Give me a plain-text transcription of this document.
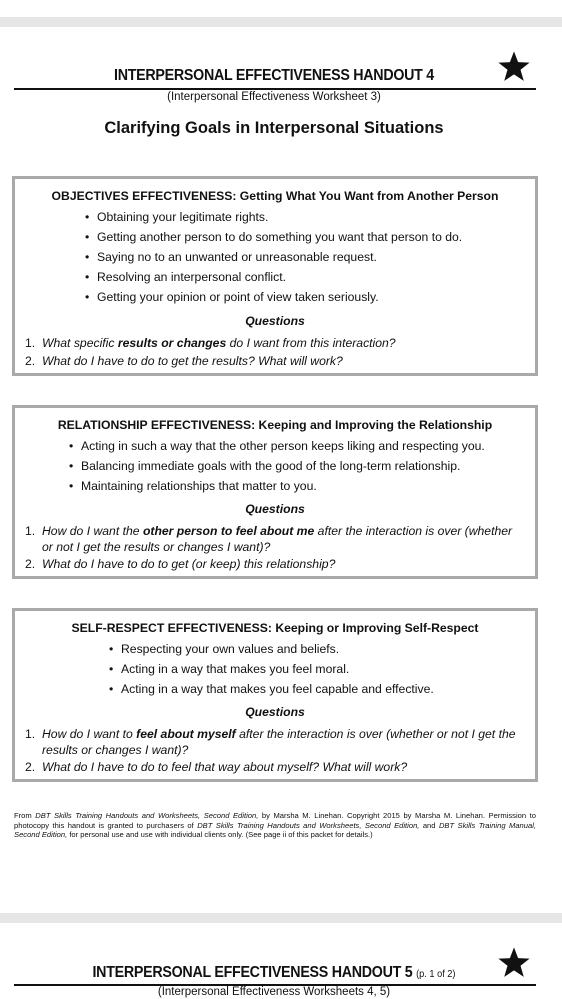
INTERPERSONAL EFFECTIVENESS HANDOUT 4
(Interpersonal Effectiveness Worksheet 3)
Clarifying Goals in Interpersonal Situations
OBJECTIVES EFFECTIVENESS: Getting What You Want from Another Person
• Obtaining your legitimate rights.
• Getting another person to do something you want that person to do.
• Saying no to an unwanted or unreasonable request.
• Resolving an interpersonal conflict.
• Getting your opinion or point of view taken seriously.
Questions
1. What specific results or changes do I want from this interaction?
2. What do I have to do to get the results? What will work?
RELATIONSHIP EFFECTIVENESS: Keeping and Improving the Relationship
• Acting in such a way that the other person keeps liking and respecting you.
• Balancing immediate goals with the good of the long-term relationship.
• Maintaining relationships that matter to you.
Questions
1. How do I want the other person to feel about me after the interaction is over (whether or not I get the results or changes I want)?
2. What do I have to do to get (or keep) this relationship?
SELF-RESPECT EFFECTIVENESS: Keeping or Improving Self-Respect
• Respecting your own values and beliefs.
• Acting in a way that makes you feel moral.
• Acting in a way that makes you feel capable and effective.
Questions
1. How do I want to feel about myself after the interaction is over (whether or not I get the results or changes I want)?
2. What do I have to do to feel that way about myself? What will work?
From DBT Skills Training Handouts and Worksheets, Second Edition, by Marsha M. Linehan. Copyright 2015 by Marsha M. Linehan. Permission to photocopy this handout is granted to purchasers of DBT Skills Training Handouts and Worksheets, Second Edition, and DBT Skills Training Manual, Second Edition, for personal use and use with individual clients only. (See page ii of this packet for details.)
INTERPERSONAL EFFECTIVENESS HANDOUT 5 (p. 1 of 2)
(Interpersonal Effectiveness Worksheets 4, 5)
